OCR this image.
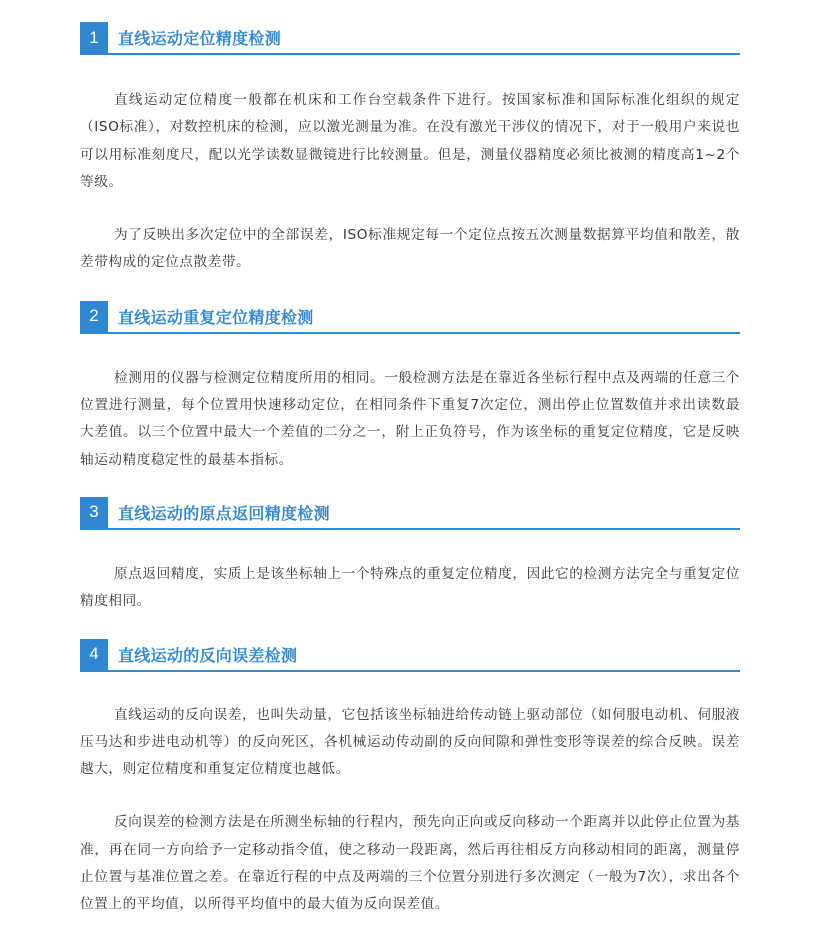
1	直线运动定位精度检测

直线运动定位精度一般都在机床和工作台空载条件下进行。按国家标准和国际标准化组织的规定（ISO标准），对数控机床的检测，应以激光测量为准。在没有激光干涉仪的情况下，对于一般用户来说也可以用标准刻度尺，配以光学读数显微镜进行比较测量。但是，测量仪器精度必须比被测的精度高1~2个等级。

为了反映出多次定位中的全部误差，ISO标准规定每一个定位点按五次测量数据算平均值和散差，散差带构成的定位点散差带。

2	直线运动重复定位精度检测

检测用的仪器与检测定位精度所用的相同。一般检测方法是在靠近各坐标行程中点及两端的任意三个位置进行测量，每个位置用快速移动定位，在相同条件下重复7次定位，测出停止位置数值并求出读数最大差值。以三个位置中最大一个差值的二分之一，附上正负符号，作为该坐标的重复定位精度，它是反映轴运动精度稳定性的最基本指标。

3	直线运动的原点返回精度检测

原点返回精度，实质上是该坐标轴上一个特殊点的重复定位精度，因此它的检测方法完全与重复定位精度相同。

4	直线运动的反向误差检测

直线运动的反向误差，也叫失动量，它包括该坐标轴进给传动链上驱动部位（如伺服电动机、伺服液压马达和步进电动机等）的反向死区，各机械运动传动副的反向间隙和弹性变形等误差的综合反映。误差越大，则定位精度和重复定位精度也越低。

反向误差的检测方法是在所测坐标轴的行程内，预先向正向或反向移动一个距离并以此停止位置为基准，再在同一方向给予一定移动指令值，使之移动一段距离，然后再往相反方向移动相同的距离，测量停止位置与基准位置之差。在靠近行程的中点及两端的三个位置分别进行多次测定（一般为7次），求出各个位置上的平均值，以所得平均值中的最大值为反向误差值。
